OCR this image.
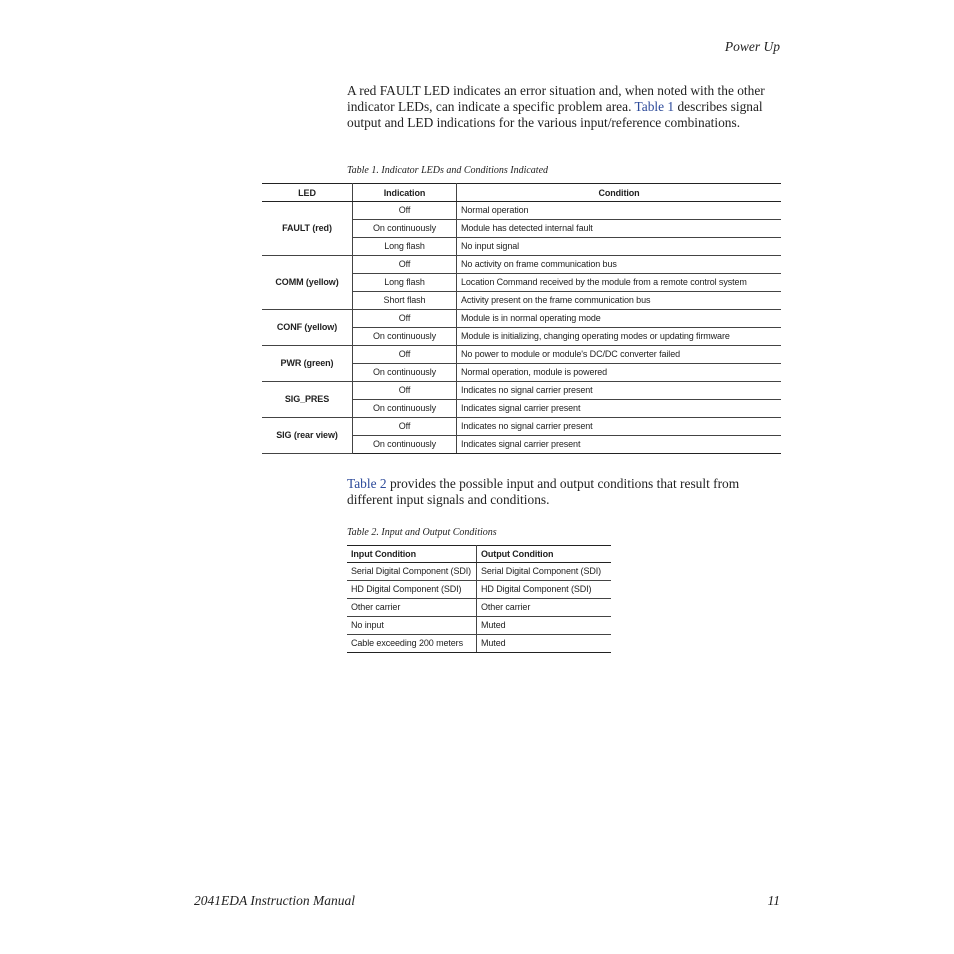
Power Up

A red FAULT LED indicates an error situation and, when noted with the other indicator LEDs, can indicate a specific problem area. Table 1 describes signal output and LED indications for the various input/reference combinations.

Table 1. Indicator LEDs and Conditions Indicated
LED	Indication	Condition
FAULT (red)	Off	Normal operation
	On continuously	Module has detected internal fault
	Long flash	No input signal
COMM (yellow)	Off	No activity on frame communication bus
	Long flash	Location Command received by the module from a remote control system
	Short flash	Activity present on the frame communication bus
CONF (yellow)	Off	Module is in normal operating mode
	On continuously	Module is initializing, changing operating modes or updating firmware
PWR (green)	Off	No power to module or module's DC/DC converter failed
	On continuously	Normal operation, module is powered
SIG_PRES	Off	Indicates no signal carrier present
	On continuously	Indicates signal carrier present
SIG (rear view)	Off	Indicates no signal carrier present
	On continuously	Indicates signal carrier present

Table 2 provides the possible input and output conditions that result from different input signals and conditions.

Table 2. Input and Output Conditions
Input Condition	Output Condition
Serial Digital Component (SDI)	Serial Digital Component (SDI)
HD Digital Component (SDI)	HD Digital Component (SDI)
Other carrier	Other carrier
No input	Muted
Cable exceeding 200 meters	Muted
2041EDA Instruction Manual	11
